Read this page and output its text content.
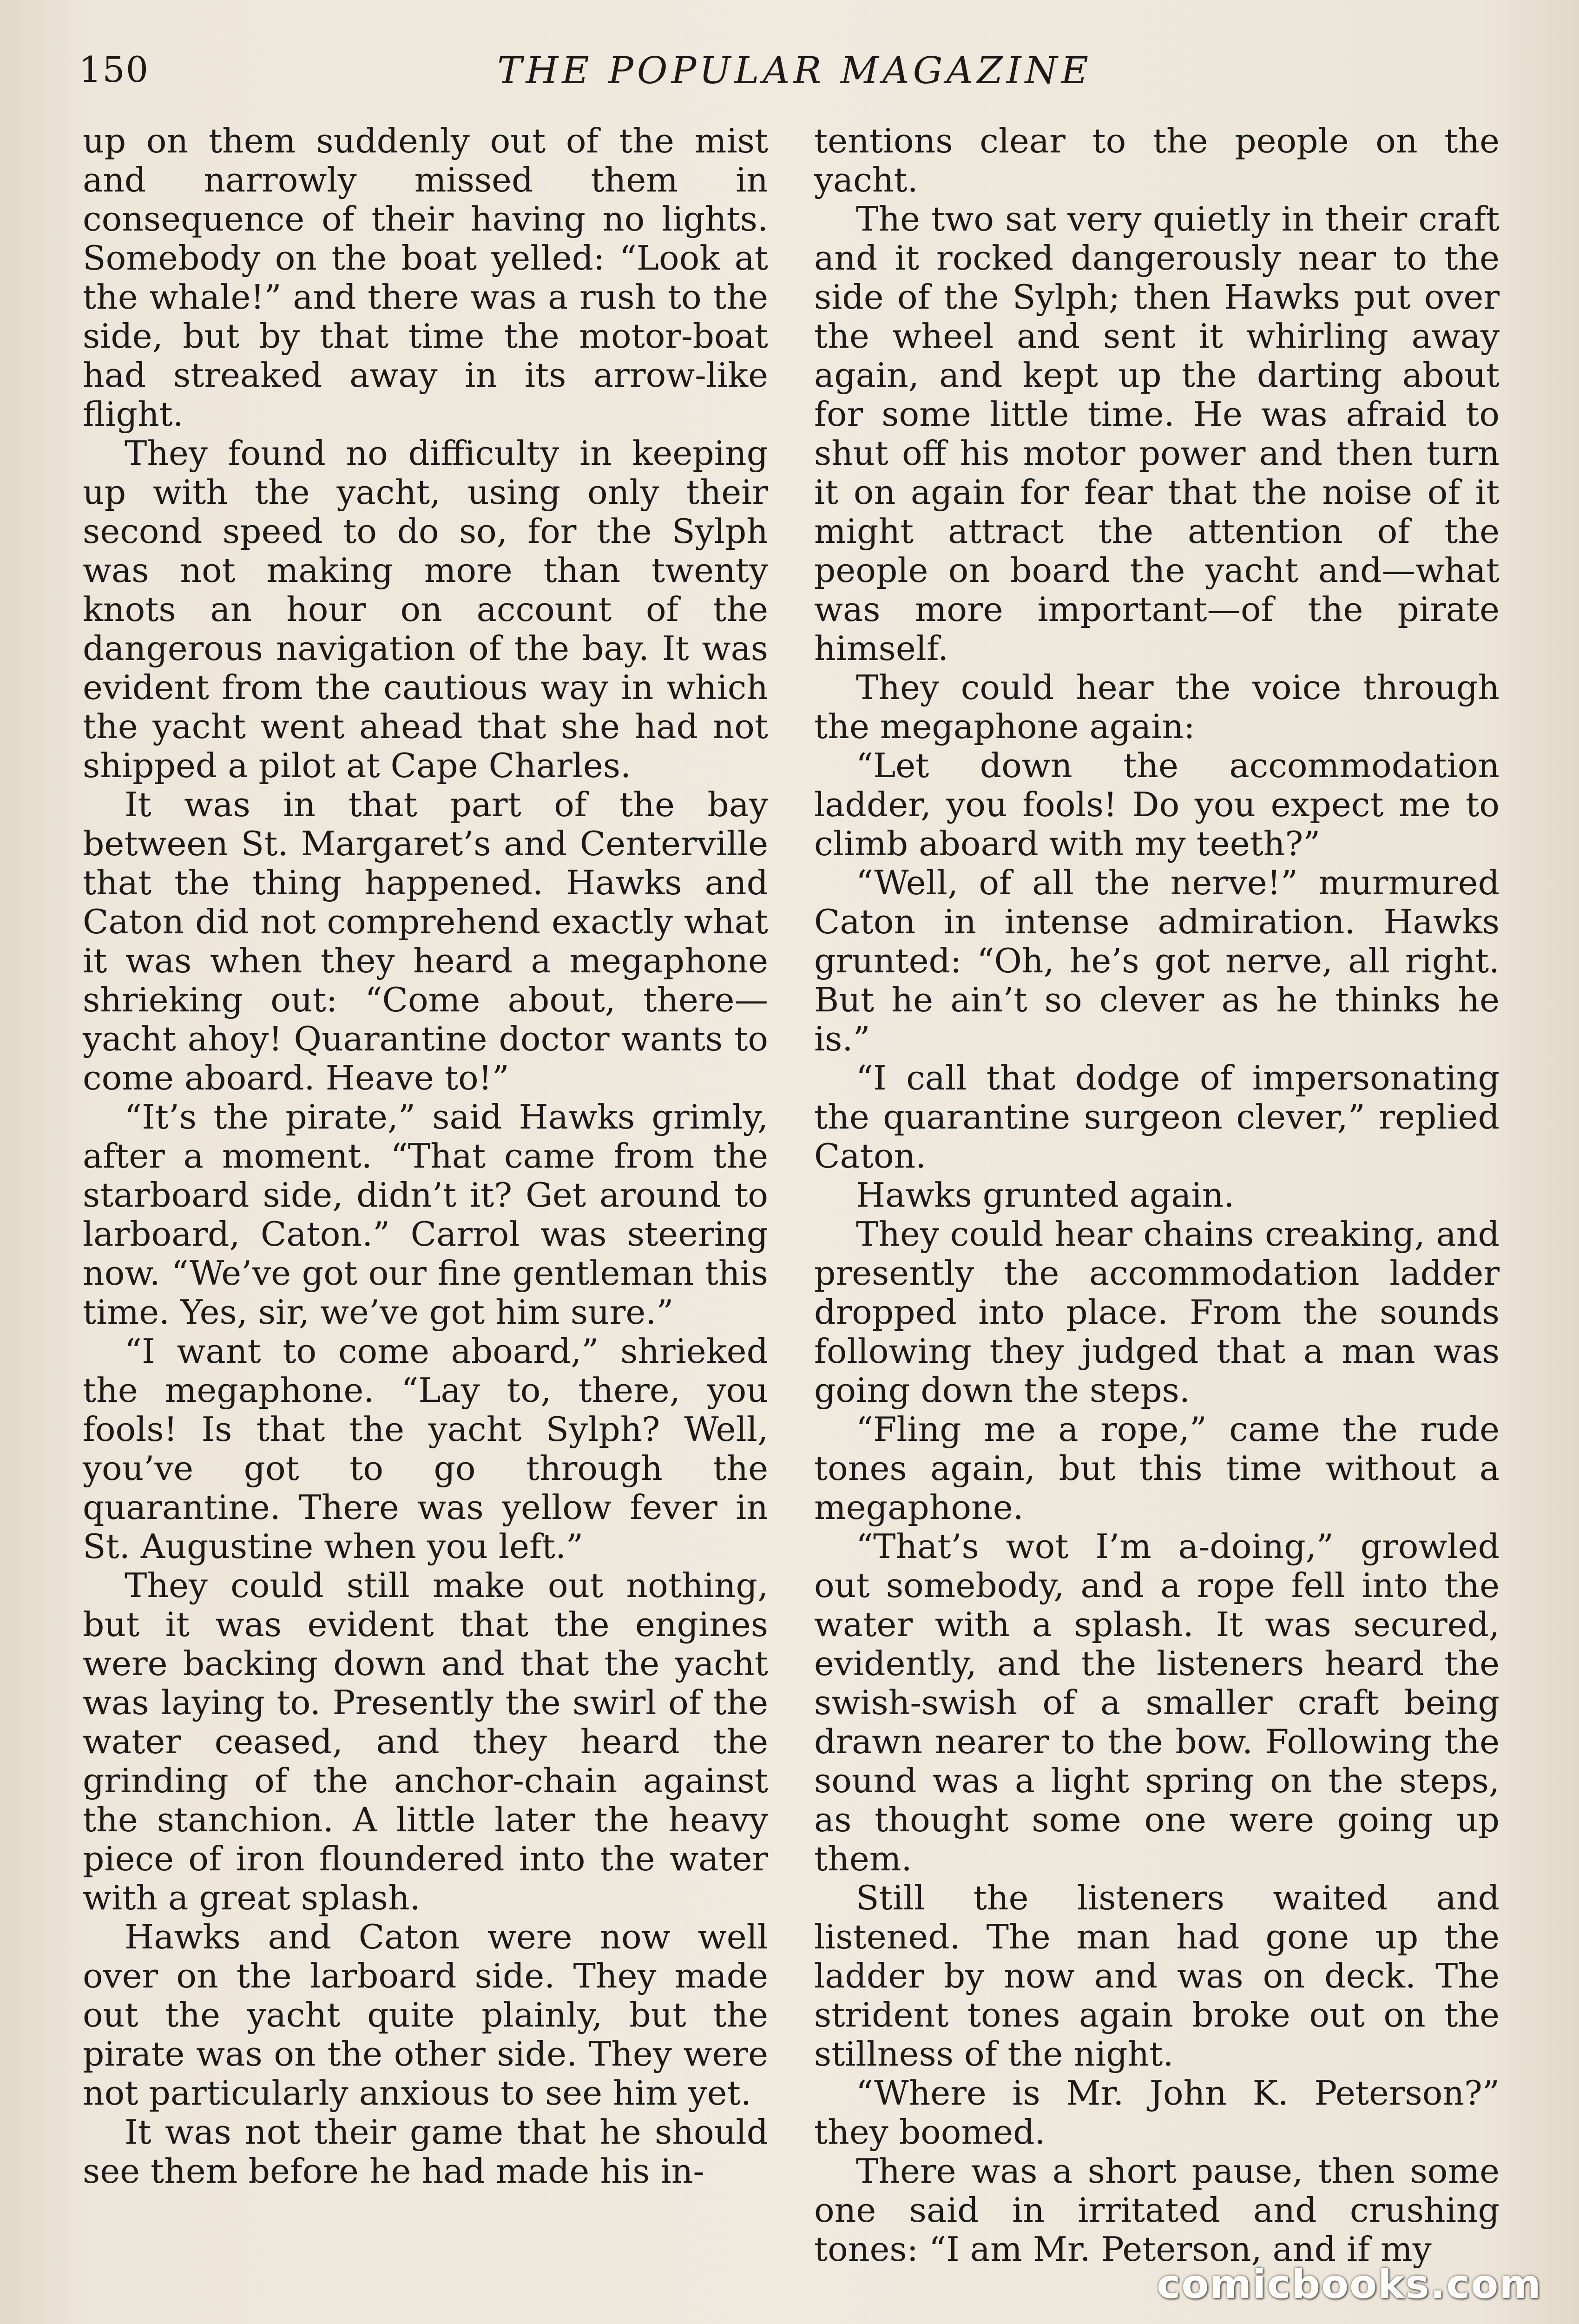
150	THE POPULAR MAGAZINE

up on them suddenly out of the mist and narrowly missed them in consequence of their having no lights. Somebody on the boat yelled: “Look at the whale!” and there was a rush to the side, but by that time the motor-boat had streaked away in its arrow-like flight.

They found no difficulty in keeping up with the yacht, using only their second speed to do so, for the Sylph was not making more than twenty knots an hour on account of the dangerous navigation of the bay. It was evident from the cautious way in which the yacht went ahead that she had not shipped a pilot at Cape Charles.

It was in that part of the bay between St. Margaret’s and Centerville that the thing happened. Hawks and Caton did not comprehend exactly what it was when they heard a megaphone shrieking out: “Come about, there—yacht ahoy! Quarantine doctor wants to come aboard. Heave to!”

“It’s the pirate,” said Hawks grimly, after a moment. “That came from the starboard side, didn’t it? Get around to larboard, Caton.” Carrol was steering now. “We’ve got our fine gentleman this time. Yes, sir, we’ve got him sure.”

“I want to come aboard,” shrieked the megaphone. “Lay to, there, you fools! Is that the yacht Sylph? Well, you’ve got to go through the quarantine. There was yellow fever in St. Augustine when you left.”

They could still make out nothing, but it was evident that the engines were backing down and that the yacht was laying to. Presently the swirl of the water ceased, and they heard the grinding of the anchor-chain against the stanchion. A little later the heavy piece of iron floundered into the water with a great splash.

Hawks and Caton were now well over on the larboard side. They made out the yacht quite plainly, but the pirate was on the other side. They were not particularly anxious to see him yet.

It was not their game that he should see them before he had made his in-

tentions clear to the people on the yacht.

The two sat very quietly in their craft and it rocked dangerously near to the side of the Sylph; then Hawks put over the wheel and sent it whirling away again, and kept up the darting about for some little time. He was afraid to shut off his motor power and then turn it on again for fear that the noise of it might attract the attention of the people on board the yacht and—what was more important—of the pirate himself.

They could hear the voice through the megaphone again:

“Let down the accommodation ladder, you fools! Do you expect me to climb aboard with my teeth?”

“Well, of all the nerve!” murmured Caton in intense admiration. Hawks grunted: “Oh, he’s got nerve, all right. But he ain’t so clever as he thinks he is.”

“I call that dodge of impersonating the quarantine surgeon clever,” replied Caton.

Hawks grunted again.

They could hear chains creaking, and presently the accommodation ladder dropped into place. From the sounds following they judged that a man was going down the steps.

“Fling me a rope,” came the rude tones again, but this time without a megaphone.

“That’s wot I’m a-doing,” growled out somebody, and a rope fell into the water with a splash. It was secured, evidently, and the listeners heard the swish-swish of a smaller craft being drawn nearer to the bow. Following the sound was a light spring on the steps, as thought some one were going up them.

Still the listeners waited and listened. The man had gone up the ladder by now and was on deck. The strident tones again broke out on the stillness of the night.

“Where is Mr. John K. Peterson?” they boomed.

There was a short pause, then some one said in irritated and crushing tones: “I am Mr. Peterson, and if my

comicbooks.com
